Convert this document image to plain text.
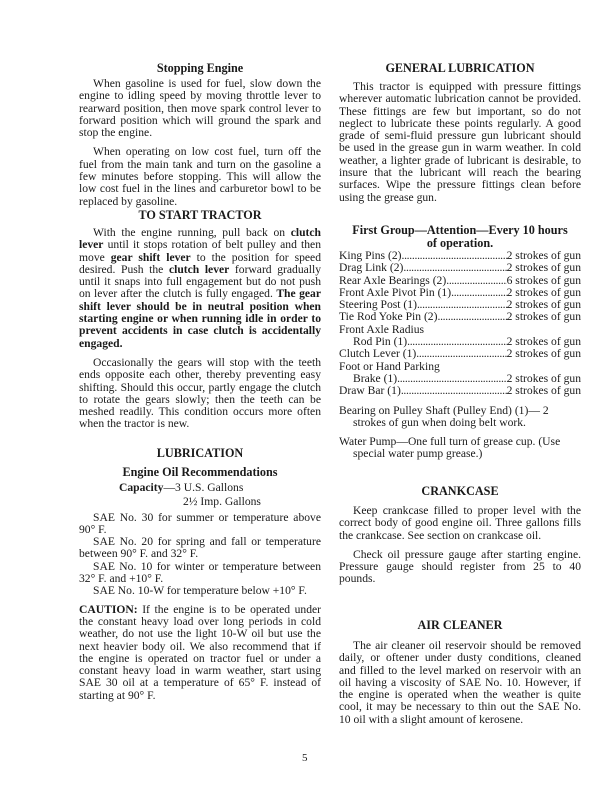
Stopping Engine

When gasoline is used for fuel, slow down the engine to idling speed by moving throttle lever to rearward position, then move spark control lever to forward position which will ground the spark and stop the engine.

When operating on low cost fuel, turn off the fuel from the main tank and turn on the gasoline a few minutes before stopping. This will allow the low cost fuel in the lines and carburetor bowl to be replaced by gasoline.

TO START TRACTOR

With the engine running, pull back on clutch lever until it stops rotation of belt pulley and then move gear shift lever to the position for speed desired. Push the clutch lever forward gradually until it snaps into full engagement but do not push on lever after the clutch is fully engaged. The gear shift lever should be in neutral position when starting engine or when running idle in order to prevent accidents in case clutch is accidentally engaged.

Occasionally the gears will stop with the teeth ends opposite each other, thereby preventing easy shifting. Should this occur, partly engage the clutch to rotate the gears slowly; then the teeth can be meshed readily. This condition occurs more often when the tractor is new.

LUBRICATION
Engine Oil Recommendations
Capacity—3 U.S. Gallons
2½ Imp. Gallons

SAE No. 30 for summer or temperature above 90° F.

SAE No. 20 for spring and fall or temperature between 90° F. and 32° F.

SAE No. 10 for winter or temperature between 32° F. and +10° F.

SAE No. 10-W for temperature below +10° F.

CAUTION: If the engine is to be operated under the constant heavy load over long periods in cold weather, do not use the light 10-W oil but use the next heavier body oil. We also recommend that if the engine is operated on tractor fuel or under a constant heavy load in warm weather, start using SAE 30 oil at a temperature of 65° F. instead of starting at 90° F.

GENERAL LUBRICATION

This tractor is equipped with pressure fittings wherever automatic lubrication cannot be provided. These fittings are few but important, so do not neglect to lubricate these points regularly. A good grade of semi-fluid pressure gun lubricant should be used in the grease gun in warm weather. In cold weather, a lighter grade of lubricant is desirable, to insure that the lubricant will reach the bearing surfaces. Wipe the pressure fittings clean before using the grease gun.

First Group—Attention—Every 10 hours
of operation.
King Pins (2) . . .	2 strokes of gun
Drag Link (2) . . .	2 strokes of gun
Rear Axle Bearings (2) . . .	6 strokes of gun
Front Axle Pivot Pin (1) . . .	2 strokes of gun
Steering Post (1) . . .	2 strokes of gun
Tie Rod Yoke Pin (2) . . .	2 strokes of gun
Front Axle Radius
Rod Pin (1) . . .	2 strokes of gun
Clutch Lever (1) . . .	2 strokes of gun
Foot or Hand Parking
Brake (1) . . .	2 strokes of gun
Draw Bar (1) . . .	2 strokes of gun

Bearing on Pulley Shaft (Pulley End) (1)— 2 strokes of gun when doing belt work.

Water Pump—One full turn of grease cup. (Use special water pump grease.)

CRANKCASE

Keep crankcase filled to proper level with the correct body of good engine oil. Three gallons fills the crankcase. See section on crankcase oil.

Check oil pressure gauge after starting engine. Pressure gauge should register from 25 to 40 pounds.

AIR CLEANER

The air cleaner oil reservoir should be removed daily, or oftener under dusty conditions, cleaned and filled to the level marked on reservoir with an oil having a viscosity of SAE No. 10. However, if the engine is operated when the weather is quite cool, it may be necessary to thin out the SAE No. 10 oil with a slight amount of kerosene.

5
